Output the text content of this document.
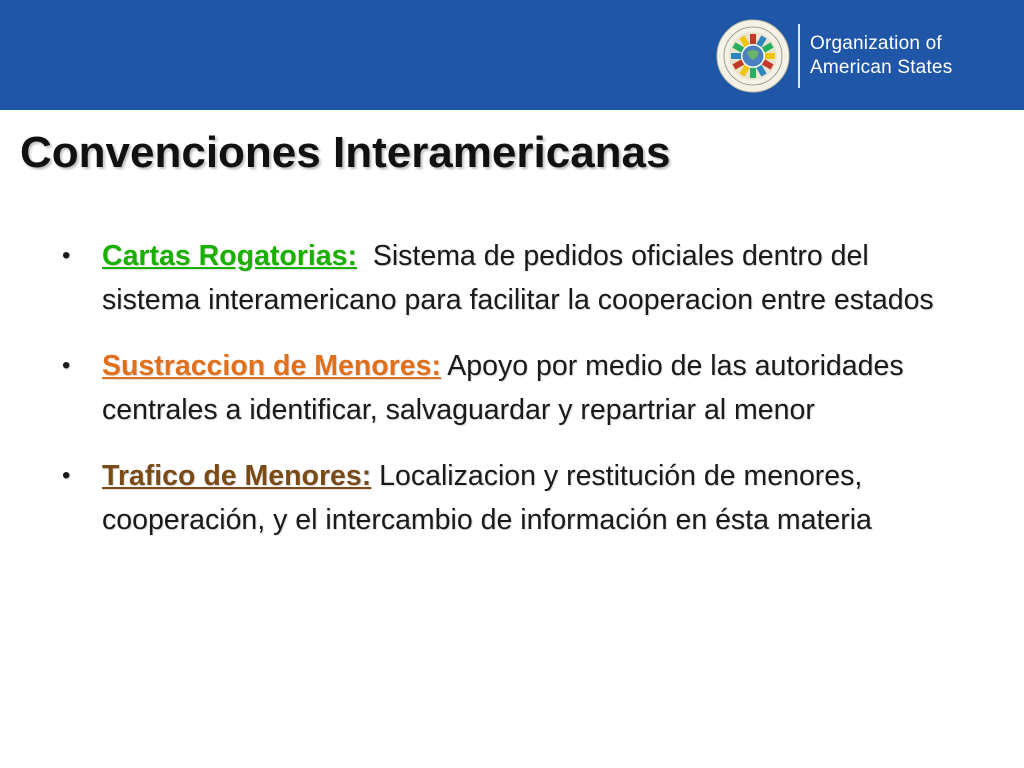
Organization of
American States
Convenciones Interamericanas
• Cartas Rogatorias:  Sistema de pedidos oficiales dentro del sistema interamericano para facilitar la cooperacion entre estados
• Sustraccion de Menores: Apoyo por medio de las autoridades centrales a identificar, salvaguardar y repartriar al menor
• Trafico de Menores: Localizacion y restitución de menores, cooperación, y el intercambio de información en ésta materia
